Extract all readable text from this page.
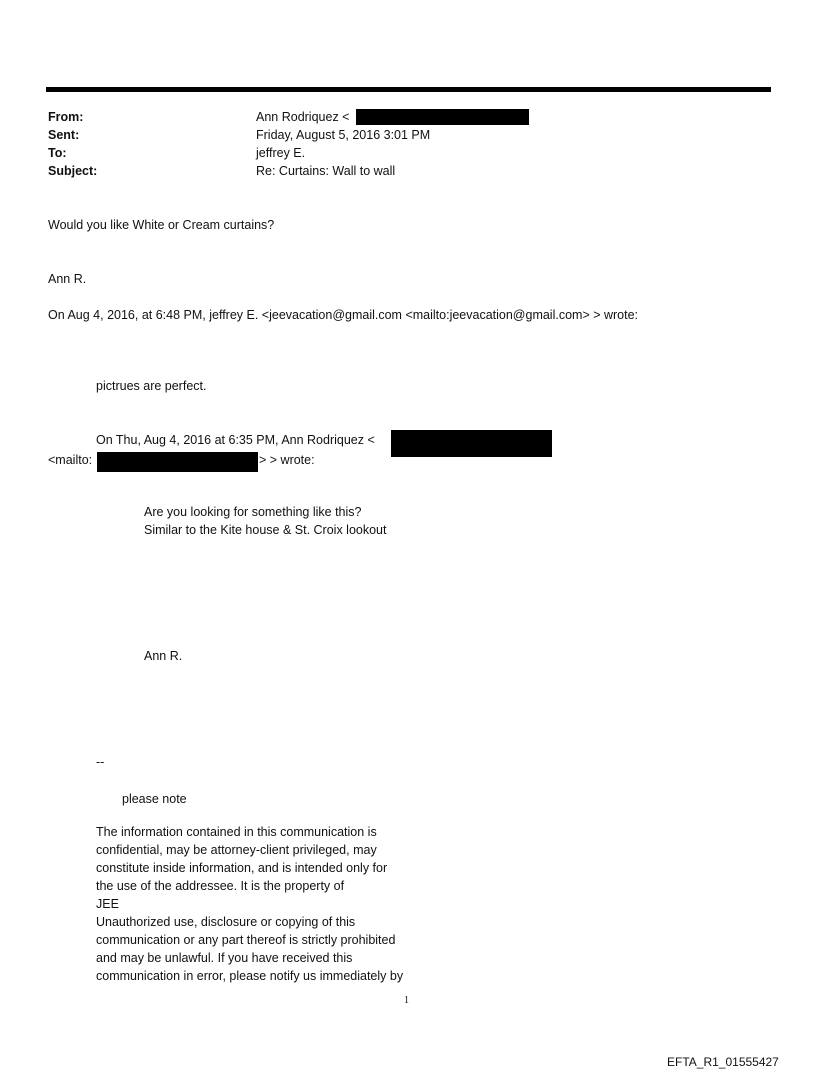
From:	Ann Rodriquez <
Sent:	Friday, August 5, 2016 3:01 PM
To:	jeffrey E.
Subject:	Re: Curtains: Wall to wall
Would you like White or Cream curtains?
Ann R.
On Aug 4, 2016, at 6:48 PM, jeffrey E. <jeevacation@gmail.com <mailto:jeevacation@gmail.com> > wrote:
pictrues are perfect.
On Thu, Aug 4, 2016 at 6:35 PM, Ann Rodriquez <
<mailto:	> > wrote:
Are you looking for something like this?
Similar to the Kite house & St. Croix lookout
Ann R.
--
please note
The information contained in this communication is
confidential, may be attorney-client privileged, may
constitute inside information, and is intended only for
the use of the addressee. It is the property of
JEE
Unauthorized use, disclosure or copying of this
communication or any part thereof is strictly prohibited
and may be unlawful. If you have received this
communication in error, please notify us immediately by
1
EFTA_R1_01555427
